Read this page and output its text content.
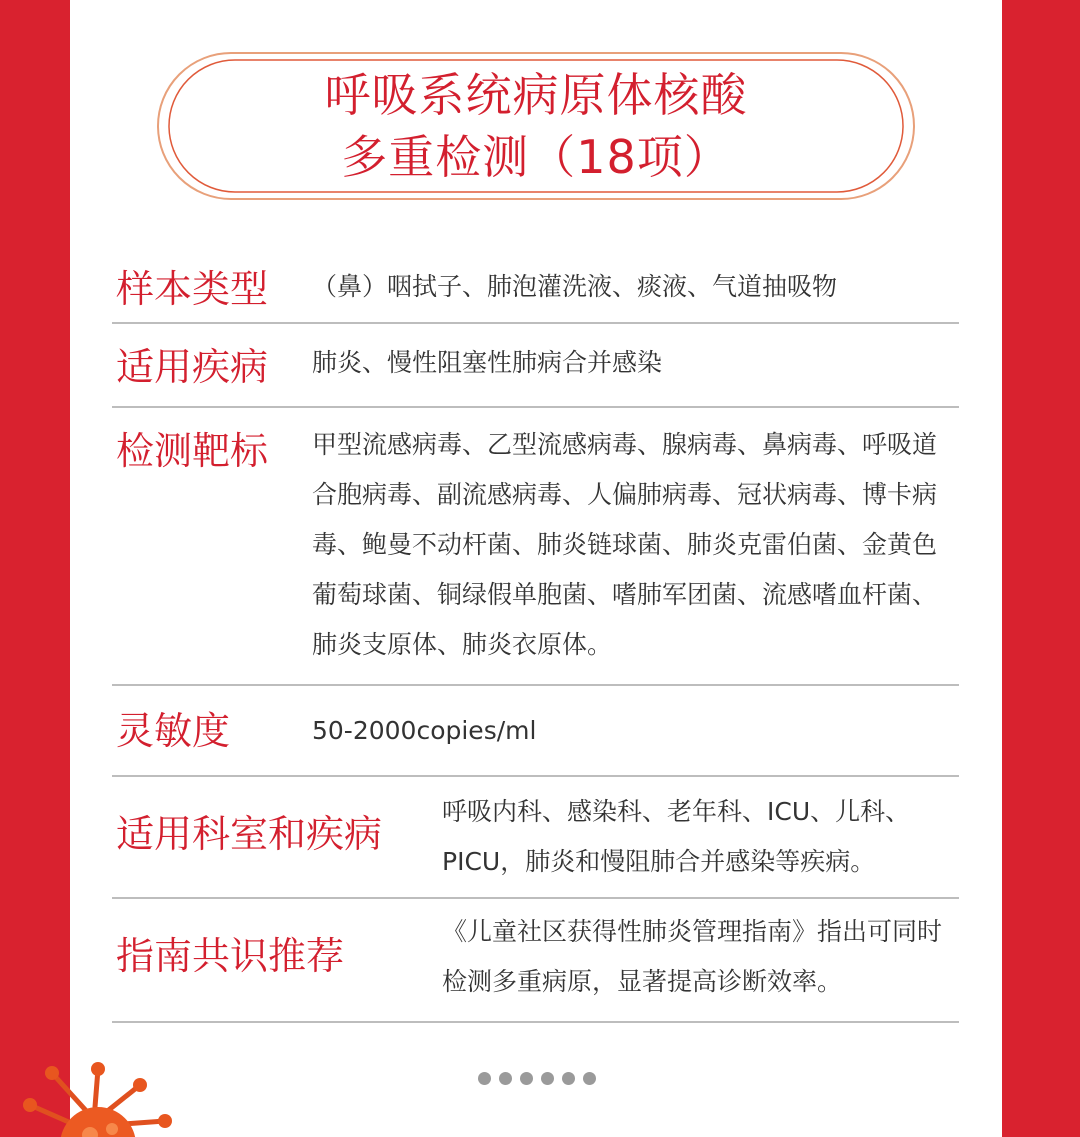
呼吸系统病原体核酸
多重检测（18项）
样本类型 （鼻）咽拭子、肺泡灌洗液、痰液、气道抽吸物
适用疾病 肺炎、慢性阻塞性肺病合并感染
检测靶标 甲型流感病毒、乙型流感病毒、腺病毒、鼻病毒、呼吸道合胞病毒、副流感病毒、人偏肺病毒、冠状病毒、博卡病毒、鲍曼不动杆菌、肺炎链球菌、肺炎克雷伯菌、金黄色葡萄球菌、铜绿假单胞菌、嗜肺军团菌、流感嗜血杆菌、肺炎支原体、肺炎衣原体。
灵敏度	50-2000copies/ml
适用科室和疾病
呼吸内科、感染科、老年科、ICU、儿科、PICU，肺炎和慢阻肺合并感染等疾病。
指南共识推荐
《儿童社区获得性肺炎管理指南》指出可同时检测多重病原，显著提高诊断效率。
